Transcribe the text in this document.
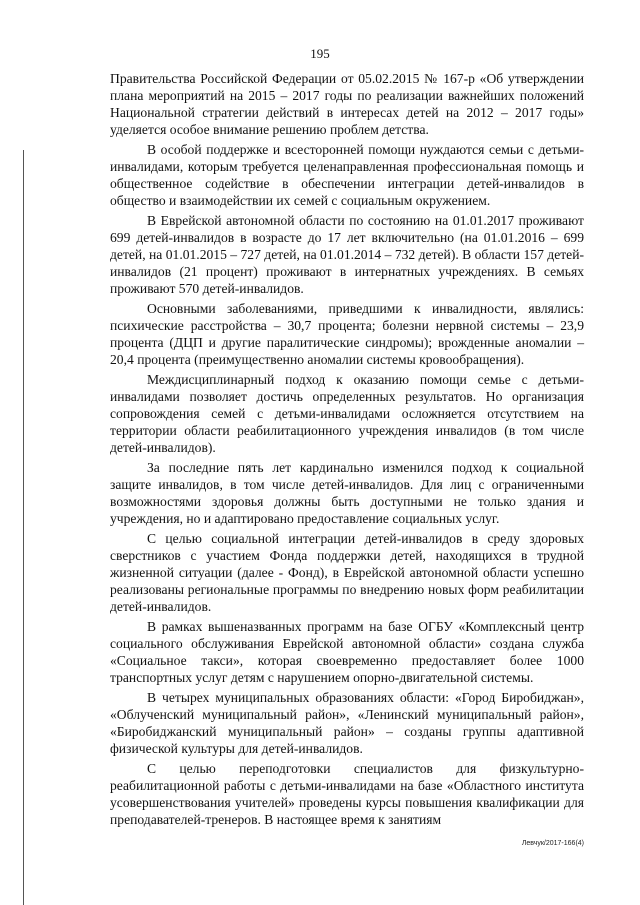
195

Правительства Российской Федерации от 05.02.2015 № 167-р «Об утверждении плана мероприятий на 2015 – 2017 годы по реализации важнейших положений Национальной стратегии действий в интересах детей на 2012 – 2017 годы» уделяется особое внимание решению проблем детства.

В особой поддержке и всесторонней помощи нуждаются семьи с детьми-инвалидами, которым требуется целенаправленная профессиональная помощь и общественное содействие в обеспечении интеграции детей-инвалидов в общество и взаимодействии их семей с социальным окружением.

В Еврейской автономной области по состоянию на 01.01.2017 проживают 699 детей-инвалидов в возрасте до 17 лет включительно (на 01.01.2016 – 699 детей, на 01.01.2015 – 727 детей, на 01.01.2014 – 732 детей). В области 157 детей-инвалидов (21 процент) проживают в интернатных учреждениях. В семьях проживают 570 детей-инвалидов.

Основными заболеваниями, приведшими к инвалидности, являлись: психические расстройства – 30,7 процента; болезни нервной системы – 23,9 процента (ДЦП и другие паралитические синдромы); врожденные аномалии – 20,4 процента (преимущественно аномалии системы кровообращения).

Междисциплинарный подход к оказанию помощи семье с детьми-инвалидами позволяет достичь определенных результатов. Но организация сопровождения семей с детьми-инвалидами осложняется отсутствием на территории области реабилитационного учреждения инвалидов (в том числе детей-инвалидов).

За последние пять лет кардинально изменился подход к социальной защите инвалидов, в том числе детей-инвалидов. Для лиц с ограниченными возможностями здоровья должны быть доступными не только здания и учреждения, но и адаптировано предоставление социальных услуг.

С целью социальной интеграции детей-инвалидов в среду здоровых сверстников с участием Фонда поддержки детей, находящихся в трудной жизненной ситуации (далее - Фонд), в Еврейской автономной области успешно реализованы региональные программы по внедрению новых форм реабилитации детей-инвалидов.

В рамках вышеназванных программ на базе ОГБУ «Комплексный центр социального обслуживания Еврейской автономной области» создана служба «Социальное такси», которая своевременно предоставляет более 1000 транспортных услуг детям с нарушением опорно-двигательной системы.

В четырех муниципальных образованиях области: «Город Биробиджан», «Облученский муниципальный район», «Ленинский муниципальный район», «Биробиджанский муниципальный район» – созданы группы адаптивной физической культуры для детей-инвалидов.

С целью переподготовки специалистов для физкультурно-реабилитационной работы с детьми-инвалидами на базе «Областного института усовершенствования учителей» проведены курсы повышения квалификации для преподавателей-тренеров. В настоящее время к занятиям

Левчук/2017-166(4)
